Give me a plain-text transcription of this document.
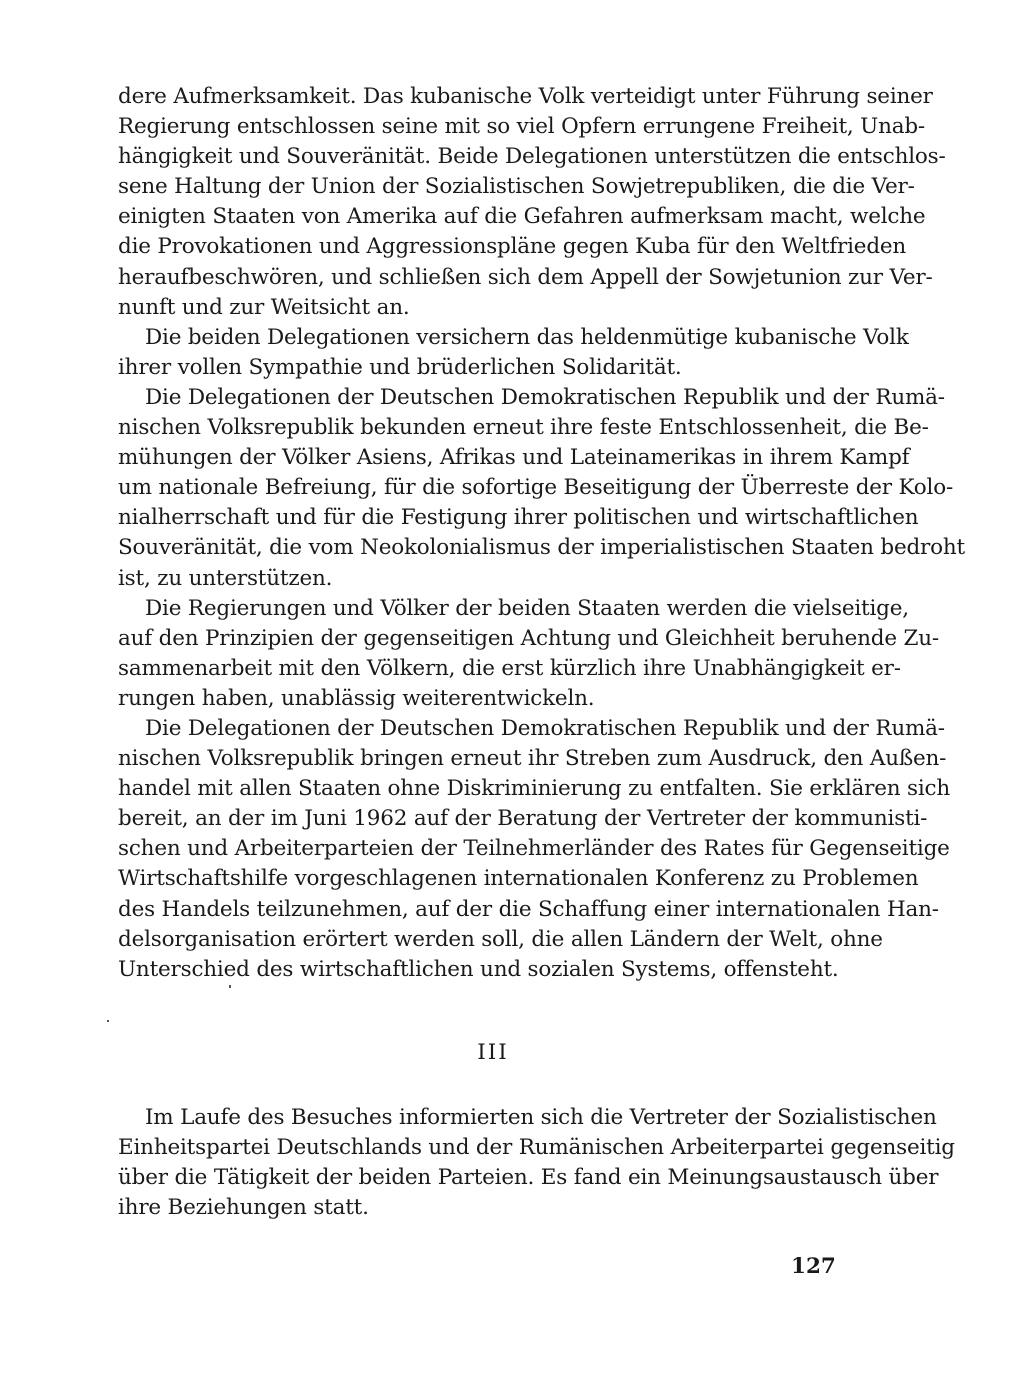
dere Aufmerksamkeit. Das kubanische Volk verteidigt unter Führung seiner
Regierung entschlossen seine mit so viel Opfern errungene Freiheit, Unab-
hängigkeit und Souveränität. Beide Delegationen unterstützen die entschlos-
sene Haltung der Union der Sozialistischen Sowjetrepubliken, die die Ver-
einigten Staaten von Amerika auf die Gefahren aufmerksam macht, welche
die Provokationen und Aggressionspläne gegen Kuba für den Weltfrieden
heraufbeschwören, und schließen sich dem Appell der Sowjetunion zur Ver-
nunft und zur Weitsicht an.
Die beiden Delegationen versichern das heldenmütige kubanische Volk
ihrer vollen Sympathie und brüderlichen Solidarität.
Die Delegationen der Deutschen Demokratischen Republik und der Rumä-
nischen Volksrepublik bekunden erneut ihre feste Entschlossenheit, die Be-
mühungen der Völker Asiens, Afrikas und Lateinamerikas in ihrem Kampf
um nationale Befreiung, für die sofortige Beseitigung der Überreste der Kolo-
nialherrschaft und für die Festigung ihrer politischen und wirtschaftlichen
Souveränität, die vom Neokolonialismus der imperialistischen Staaten bedroht
ist, zu unterstützen.
Die Regierungen und Völker der beiden Staaten werden die vielseitige,
auf den Prinzipien der gegenseitigen Achtung und Gleichheit beruhende Zu-
sammenarbeit mit den Völkern, die erst kürzlich ihre Unabhängigkeit er-
rungen haben, unablässig weiterentwickeln.
Die Delegationen der Deutschen Demokratischen Republik und der Rumä-
nischen Volksrepublik bringen erneut ihr Streben zum Ausdruck, den Außen-
handel mit allen Staaten ohne Diskriminierung zu entfalten. Sie erklären sich
bereit, an der im Juni 1962 auf der Beratung der Vertreter der kommunisti-
schen und Arbeiterparteien der Teilnehmerländer des Rates für Gegenseitige
Wirtschaftshilfe vorgeschlagenen internationalen Konferenz zu Problemen
des Handels teilzunehmen, auf der die Schaffung einer internationalen Han-
delsorganisation erörtert werden soll, die allen Ländern der Welt, ohne
Unterschied des wirtschaftlichen und sozialen Systems, offensteht.
III
Im Laufe des Besuches informierten sich die Vertreter der Sozialistischen
Einheitspartei Deutschlands und der Rumänischen Arbeiterpartei gegenseitig
über die Tätigkeit der beiden Parteien. Es fand ein Meinungsaustausch über
ihre Beziehungen statt.
127
